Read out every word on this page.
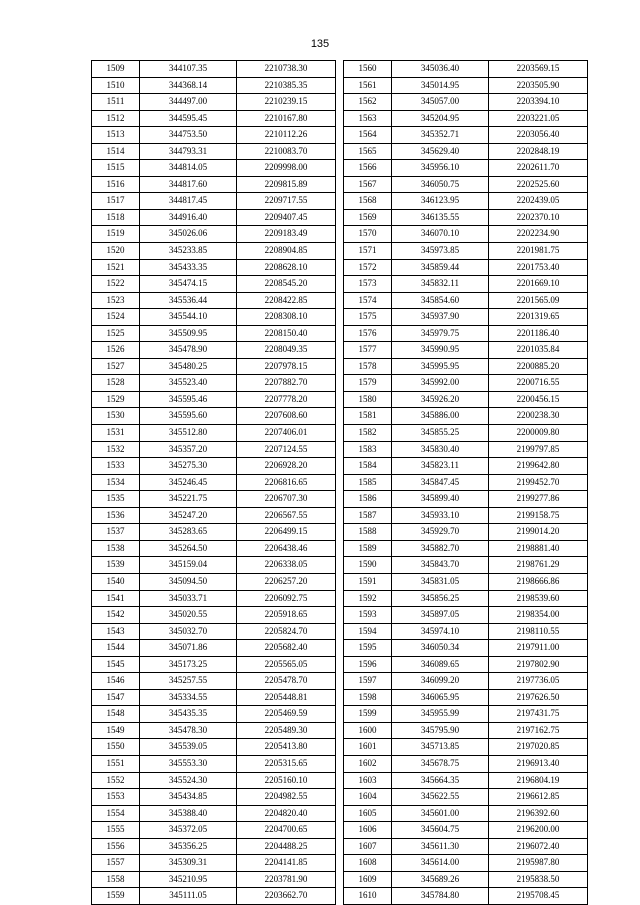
135
1509	344107.35	2210738.30
1510	344368.14	2210385.35
1511	344497.00	2210239.15
1512	344595.45	2210167.80
1513	344753.50	2210112.26
1514	344793.31	2210083.70
1515	344814.05	2209998.00
1516	344817.60	2209815.89
1517	344817.45	2209717.55
1518	344916.40	2209407.45
1519	345026.06	2209183.49
1520	345233.85	2208904.85
1521	345433.35	2208628.10
1522	345474.15	2208545.20
1523	345536.44	2208422.85
1524	345544.10	2208308.10
1525	345509.95	2208150.40
1526	345478.90	2208049.35
1527	345480.25	2207978.15
1528	345523.40	2207882.70
1529	345595.46	2207778.20
1530	345595.60	2207608.60
1531	345512.80	2207406.01
1532	345357.20	2207124.55
1533	345275.30	2206928.20
1534	345246.45	2206816.65
1535	345221.75	2206707.30
1536	345247.20	2206567.55
1537	345283.65	2206499.15
1538	345264.50	2206438.46
1539	345159.04	2206338.05
1540	345094.50	2206257.20
1541	345033.71	2206092.75
1542	345020.55	2205918.65
1543	345032.70	2205824.70
1544	345071.86	2205682.40
1545	345173.25	2205565.05
1546	345257.55	2205478.70
1547	345334.55	2205448.81
1548	345435.35	2205469.59
1549	345478.30	2205489.30
1550	345539.05	2205413.80
1551	345553.30	2205315.65
1552	345524.30	2205160.10
1553	345434.85	2204982.55
1554	345388.40	2204820.40
1555	345372.05	2204700.65
1556	345356.25	2204488.25
1557	345309.31	2204141.85
1558	345210.95	2203781.90
1559	345111.05	2203662.70
1560	345036.40	2203569.15
1561	345014.95	2203505.90
1562	345057.00	2203394.10
1563	345204.95	2203221.05
1564	345352.71	2203056.40
1565	345629.40	2202848.19
1566	345956.10	2202611.70
1567	346050.75	2202525.60
1568	346123.95	2202439.05
1569	346135.55	2202370.10
1570	346070.10	2202234.90
1571	345973.85	2201981.75
1572	345859.44	2201753.40
1573	345832.11	2201669.10
1574	345854.60	2201565.09
1575	345937.90	2201319.65
1576	345979.75	2201186.40
1577	345990.95	2201035.84
1578	345995.95	2200885.20
1579	345992.00	2200716.55
1580	345926.20	2200456.15
1581	345886.00	2200238.30
1582	345855.25	2200009.80
1583	345830.40	2199797.85
1584	345823.11	2199642.80
1585	345847.45	2199452.70
1586	345899.40	2199277.86
1587	345933.10	2199158.75
1588	345929.70	2199014.20
1589	345882.70	2198881.40
1590	345843.70	2198761.29
1591	345831.05	2198666.86
1592	345856.25	2198539.60
1593	345897.05	2198354.00
1594	345974.10	2198110.55
1595	346050.34	2197911.00
1596	346089.65	2197802.90
1597	346099.20	2197736.05
1598	346065.95	2197626.50
1599	345955.99	2197431.75
1600	345795.90	2197162.75
1601	345713.85	2197020.85
1602	345678.75	2196913.40
1603	345664.35	2196804.19
1604	345622.55	2196612.85
1605	345601.00	2196392.60
1606	345604.75	2196200.00
1607	345611.30	2196072.40
1608	345614.00	2195987.80
1609	345689.26	2195838.50
1610	345784.80	2195708.45
